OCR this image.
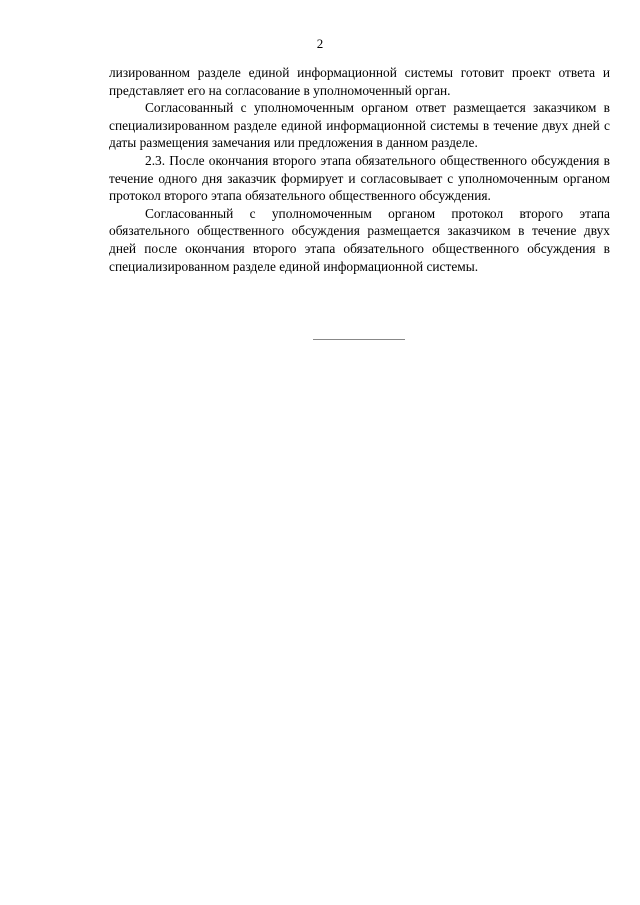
2

лизированном разделе единой информационной системы готовит проект ответа и представляет его на согласование в уполномоченный орган.

Согласованный с уполномоченным органом ответ размещается заказчиком в специализированном разделе единой информационной системы в течение двух дней с даты размещения замечания или предложения в данном разделе.

2.3. После окончания второго этапа обязательного общественного обсуждения в течение одного дня заказчик формирует и согласовывает с уполномоченным органом протокол второго этапа обязательного общественного обсуждения.

Согласованный с уполномоченным органом протокол второго этапа обязательного общественного обсуждения размещается заказчиком в течение двух дней после окончания второго этапа обязательного общественного обсуждения в специализированном разделе единой информационной системы.
